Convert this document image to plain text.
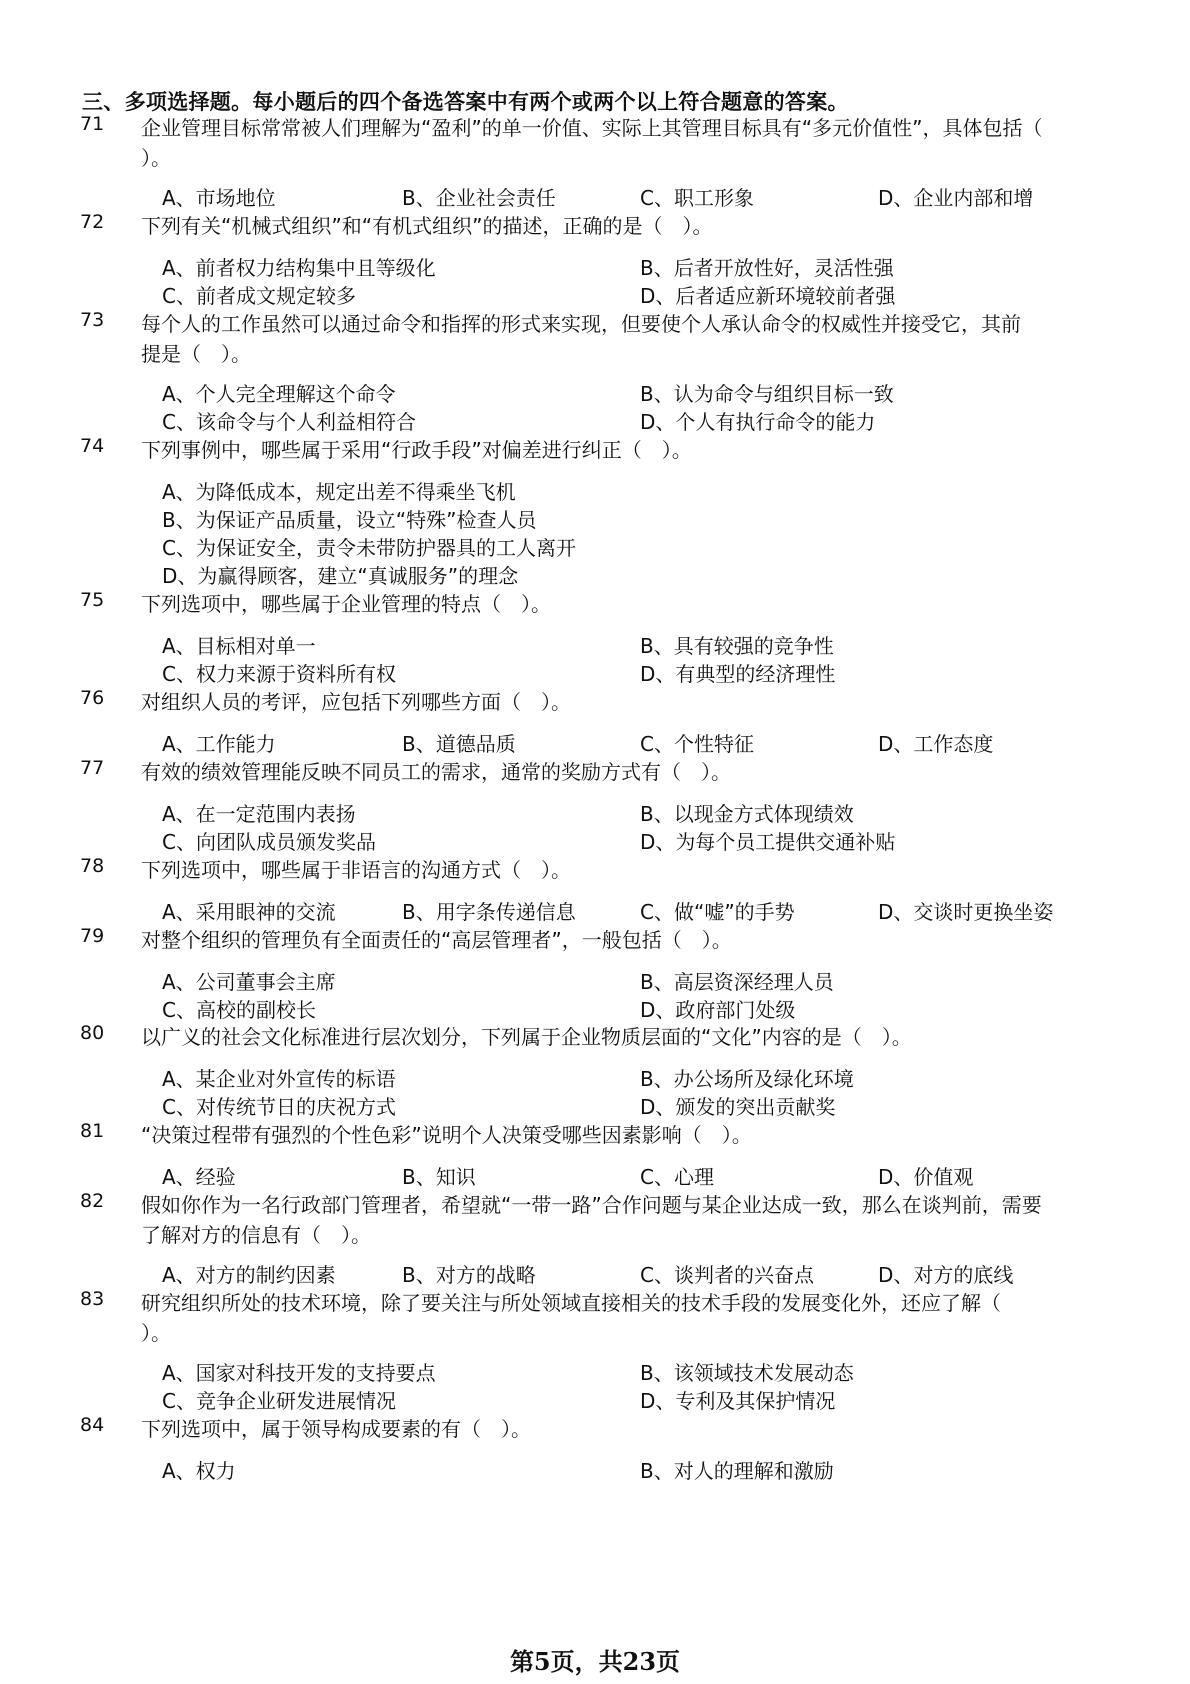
三、多项选择题。每小题后的四个备选答案中有两个或两个以上符合题意的答案。
71 企业管理目标常常被人们理解为“盈利”的单一价值、实际上其管理目标具有“多元价值性”，具体包括（
）。
A、市场地位	B、企业社会责任	C、职工形象	D、企业内部和增
72 下列有关“机械式组织”和“有机式组织”的描述，正确的是（　）。
A、前者权力结构集中且等级化	B、后者开放性好，灵活性强
C、前者成文规定较多	D、后者适应新环境较前者强
73 每个人的工作虽然可以通过命令和指挥的形式来实现，但要使个人承认命令的权威性并接受它，其前
提是（　）。
A、个人完全理解这个命令	B、认为命令与组织目标一致
C、该命令与个人利益相符合	D、个人有执行命令的能力
74 下列事例中，哪些属于采用“行政手段”对偏差进行纠正（　）。
A、为降低成本，规定出差不得乘坐飞机
B、为保证产品质量，设立“特殊”检查人员
C、为保证安全，责令未带防护器具的工人离开
D、为赢得顾客，建立“真诚服务”的理念
75 下列选项中，哪些属于企业管理的特点（　）。
A、目标相对单一	B、具有较强的竞争性
C、权力来源于资料所有权	D、有典型的经济理性
76 对组织人员的考评，应包括下列哪些方面（　）。
A、工作能力	B、道德品质	C、个性特征	D、工作态度
77 有效的绩效管理能反映不同员工的需求，通常的奖励方式有（　）。
A、在一定范围内表扬	B、以现金方式体现绩效
C、向团队成员颁发奖品	D、为每个员工提供交通补贴
78 下列选项中，哪些属于非语言的沟通方式（　）。
A、采用眼神的交流	B、用字条传递信息	C、做“嘘”的手势	D、交谈时更换坐姿
79 对整个组织的管理负有全面责任的“高层管理者”，一般包括（　）。
A、公司董事会主席	B、高层资深经理人员
C、高校的副校长	D、政府部门处级
80 以广义的社会文化标准进行层次划分，下列属于企业物质层面的“文化”内容的是（　）。
A、某企业对外宣传的标语	B、办公场所及绿化环境
C、对传统节日的庆祝方式	D、颁发的突出贡献奖
81 “决策过程带有强烈的个性色彩”说明个人决策受哪些因素影响（　）。
A、经验	B、知识	C、心理	D、价值观
82 假如你作为一名行政部门管理者，希望就“一带一路”合作问题与某企业达成一致，那么在谈判前，需要
了解对方的信息有（　）。
A、对方的制约因素	B、对方的战略	C、谈判者的兴奋点	D、对方的底线
83 研究组织所处的技术环境，除了要关注与所处领域直接相关的技术手段的发展变化外，还应了解（
）。
A、国家对科技开发的支持要点	B、该领域技术发展动态
C、竞争企业研发进展情况	D、专利及其保护情况
84 下列选项中，属于领导构成要素的有（　）。
A、权力	B、对人的理解和激励
第5页，共23页
